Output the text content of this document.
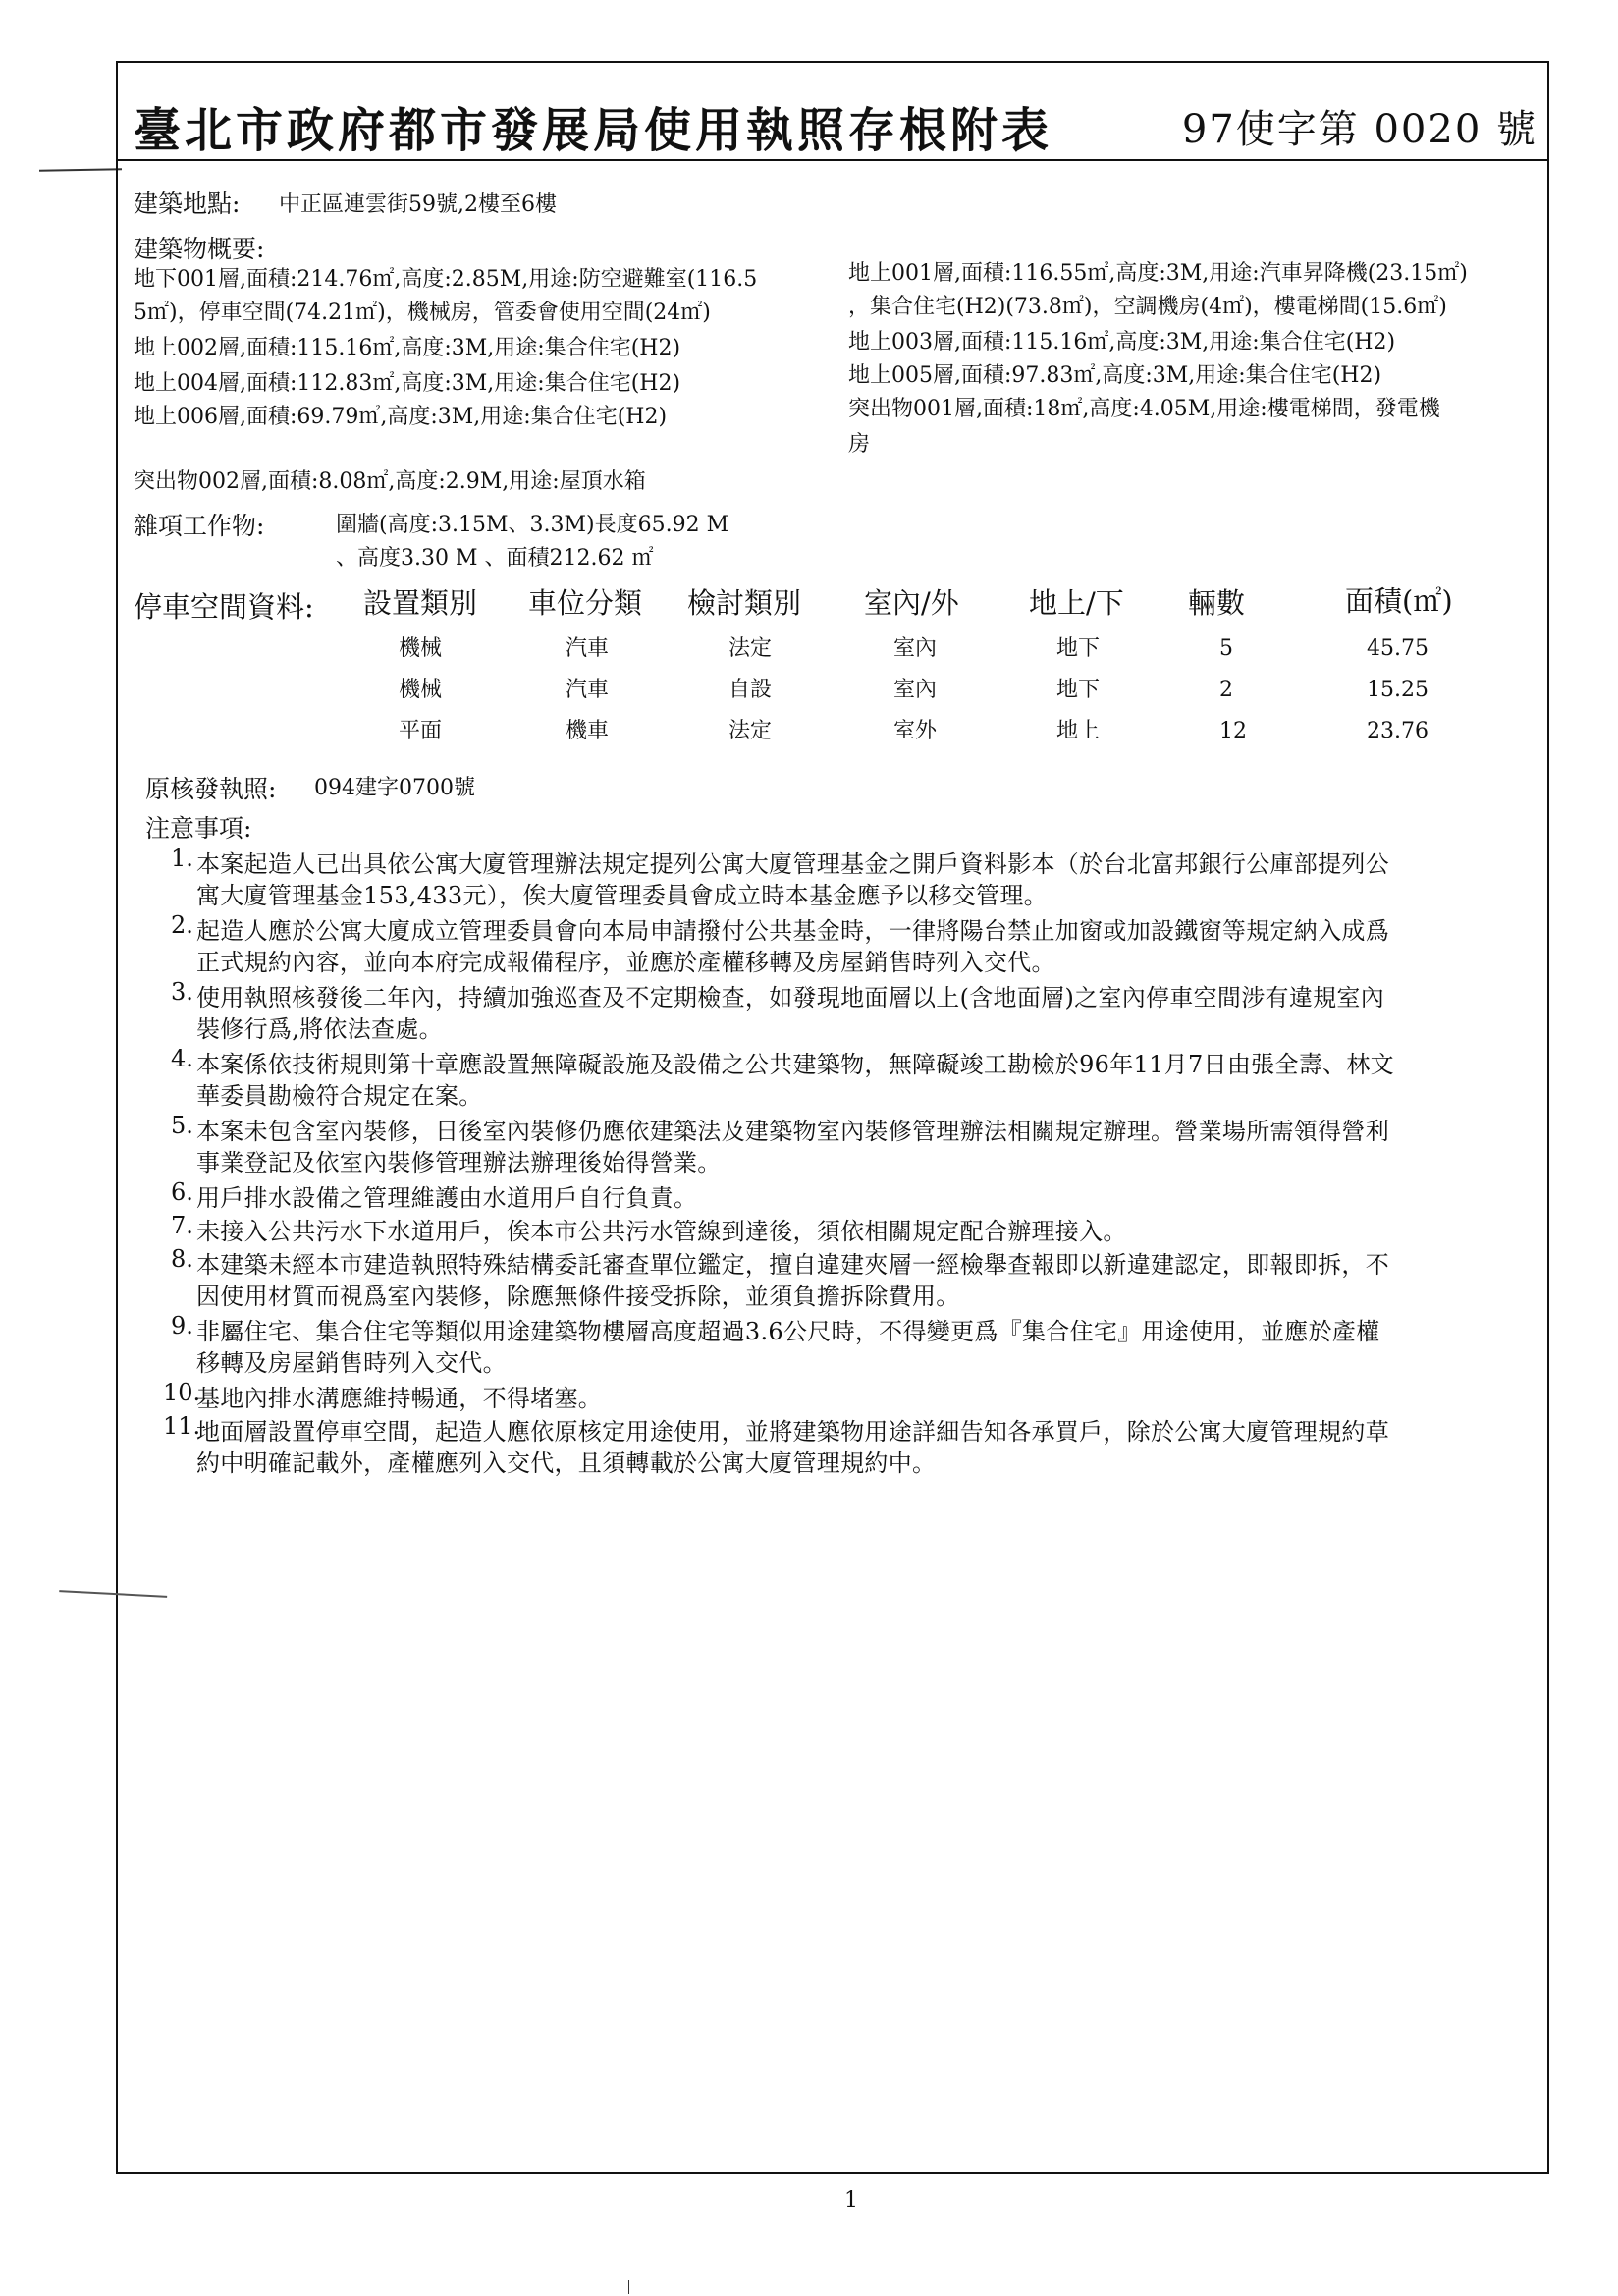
臺北市政府都市發展局使用執照存根附表	97使字第 0020 號
建築地點: 中正區連雲街59號,2樓至6樓
建築物概要:
地下001層,面積:214.76㎡,高度:2.85M,用途:防空避難室(116.5
5㎡)，停車空間(74.21㎡)，機械房，管委會使用空間(24㎡)
地上002層,面積:115.16㎡,高度:3M,用途:集合住宅(H2)
地上004層,面積:112.83㎡,高度:3M,用途:集合住宅(H2)
地上006層,面積:69.79㎡,高度:3M,用途:集合住宅(H2)
地上001層,面積:116.55㎡,高度:3M,用途:汽車昇降機(23.15㎡)
，集合住宅(H2)(73.8㎡)，空調機房(4㎡)，樓電梯間(15.6㎡)
地上003層,面積:115.16㎡,高度:3M,用途:集合住宅(H2)
地上005層,面積:97.83㎡,高度:3M,用途:集合住宅(H2)
突出物001層,面積:18㎡,高度:4.05M,用途:樓電梯間，發電機
房
突出物002層,面積:8.08㎡,高度:2.9M,用途:屋頂水箱
雜項工作物:	圍牆(高度:3.15M、3.3M)長度65.92 M
、高度3.30 M 、面積212.62 ㎡
停車空間資料: 設置類別 車位分類 檢討類別 室內/外 地上/下 輛數	面積(㎡)
機械	汽車	法定	室內	地下	5	45.75
機械	汽車	自設	室內	地下	2	15.25
平面	機車	法定	室外	地上	12	23.76
原核發執照: 094建字0700號
注意事項:
1. 本案起造人已出具依公寓大廈管理辦法規定提列公寓大廈管理基金之開戶資料影本（於台北富邦銀行公庫部提列公
寓大廈管理基金153,433元），俟大廈管理委員會成立時本基金應予以移交管理。
2. 起造人應於公寓大廈成立管理委員會向本局申請撥付公共基金時，一律將陽台禁止加窗或加設鐵窗等規定納入成爲
正式規約內容，並向本府完成報備程序，並應於產權移轉及房屋銷售時列入交代。
3. 使用執照核發後二年內，持續加強巡查及不定期檢查，如發現地面層以上(含地面層)之室內停車空間涉有違規室內
裝修行爲,將依法查處。
4. 本案係依技術規則第十章應設置無障礙設施及設備之公共建築物，無障礙竣工勘檢於96年11月7日由張全壽、林文
華委員勘檢符合規定在案。
5. 本案未包含室內裝修，日後室內裝修仍應依建築法及建築物室內裝修管理辦法相關規定辦理。營業場所需領得營利
事業登記及依室內裝修管理辦法辦理後始得營業。
6. 用戶排水設備之管理維護由水道用戶自行負責。
7. 未接入公共污水下水道用戶，俟本市公共污水管線到達後，須依相關規定配合辦理接入。
8. 本建築未經本市建造執照特殊結構委託審查單位鑑定，擅自違建夾層一經檢舉查報即以新違建認定，即報即拆，不
因使用材質而視爲室內裝修，除應無條件接受拆除，並須負擔拆除費用。
9. 非屬住宅、集合住宅等類似用途建築物樓層高度超過3.6公尺時，不得變更爲『集合住宅』用途使用，並應於產權
移轉及房屋銷售時列入交代。
10.
基地內排水溝應維持暢通，不得堵塞。
11.
地面層設置停車空間，起造人應依原核定用途使用，並將建築物用途詳細告知各承買戶，除於公寓大廈管理規約草
約中明確記載外，產權應列入交代，且須轉載於公寓大廈管理規約中。
1
